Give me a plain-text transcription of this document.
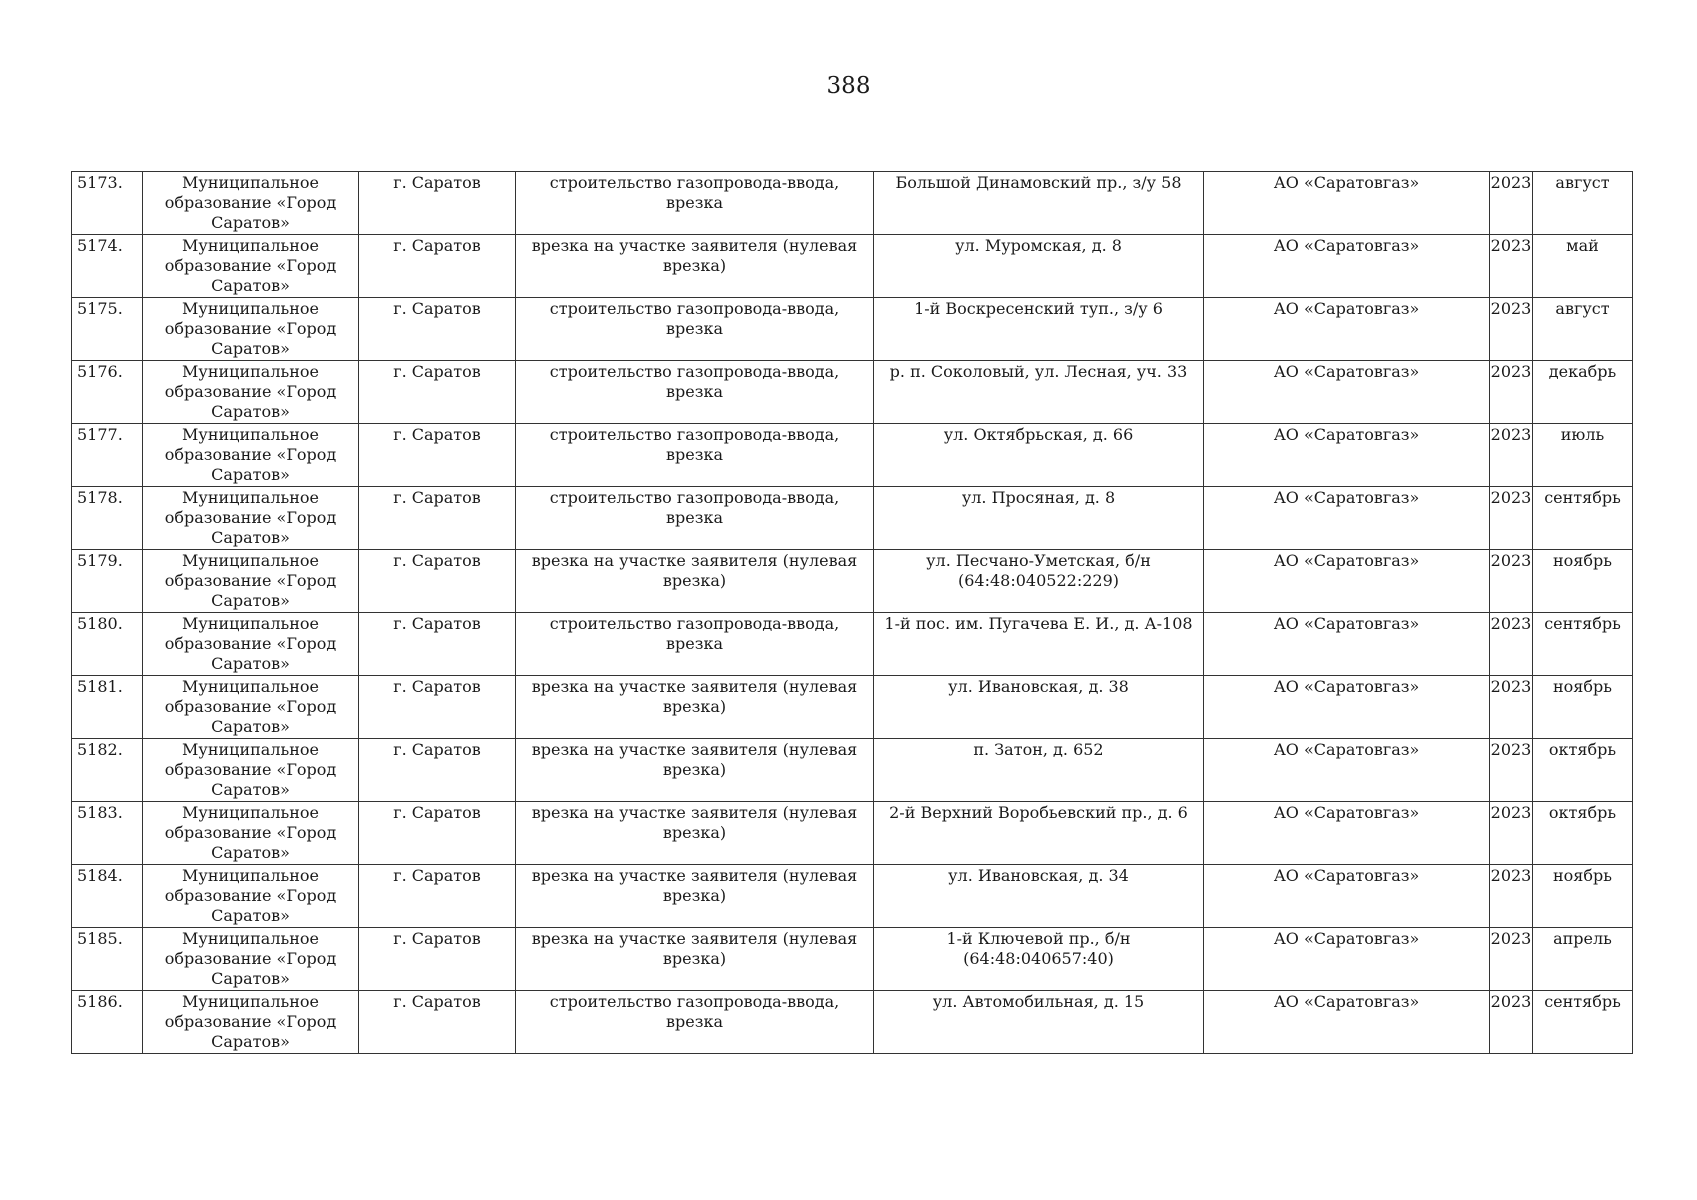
388
5173.	Муниципальное образование «Город Саратов»	г. Саратов	строительство газопровода-ввода, врезка	Большой Динамовский пр., з/у 58	АО «Саратовгаз»	2023	август
5174.	Муниципальное образование «Город Саратов»	г. Саратов	врезка на участке заявителя (нулевая врезка)	ул. Муромская, д. 8	АО «Саратовгаз»	2023	май
5175.	Муниципальное образование «Город Саратов»	г. Саратов	строительство газопровода-ввода, врезка	1-й Воскресенский туп., з/у 6	АО «Саратовгаз»	2023	август
5176.	Муниципальное образование «Город Саратов»	г. Саратов	строительство газопровода-ввода, врезка	р. п. Соколовый, ул. Лесная, уч. 33	АО «Саратовгаз»	2023	декабрь
5177.	Муниципальное образование «Город Саратов»	г. Саратов	строительство газопровода-ввода, врезка	ул. Октябрьская, д. 66	АО «Саратовгаз»	2023	июль
5178.	Муниципальное образование «Город Саратов»	г. Саратов	строительство газопровода-ввода, врезка	ул. Просяная, д. 8	АО «Саратовгаз»	2023	сентябрь
5179.	Муниципальное образование «Город Саратов»	г. Саратов	врезка на участке заявителя (нулевая врезка)	ул. Песчано-Уметская, б/н (64:48:040522:229)	АО «Саратовгаз»	2023	ноябрь
5180.	Муниципальное образование «Город Саратов»	г. Саратов	строительство газопровода-ввода, врезка	1-й пос. им. Пугачева Е. И., д. А-108	АО «Саратовгаз»	2023	сентябрь
5181.	Муниципальное образование «Город Саратов»	г. Саратов	врезка на участке заявителя (нулевая врезка)	ул. Ивановская, д. 38	АО «Саратовгаз»	2023	ноябрь
5182.	Муниципальное образование «Город Саратов»	г. Саратов	врезка на участке заявителя (нулевая врезка)	п. Затон, д. 652	АО «Саратовгаз»	2023	октябрь
5183.	Муниципальное образование «Город Саратов»	г. Саратов	врезка на участке заявителя (нулевая врезка)	2-й Верхний Воробьевский пр., д. 6	АО «Саратовгаз»	2023	октябрь
5184.	Муниципальное образование «Город Саратов»	г. Саратов	врезка на участке заявителя (нулевая врезка)	ул. Ивановская, д. 34	АО «Саратовгаз»	2023	ноябрь
5185.	Муниципальное образование «Город Саратов»	г. Саратов	врезка на участке заявителя (нулевая врезка)	1-й Ключевой пр., б/н (64:48:040657:40)	АО «Саратовгаз»	2023	апрель
5186.	Муниципальное образование «Город Саратов»	г. Саратов	строительство газопровода-ввода, врезка	ул. Автомобильная, д. 15	АО «Саратовгаз»	2023	сентябрь
